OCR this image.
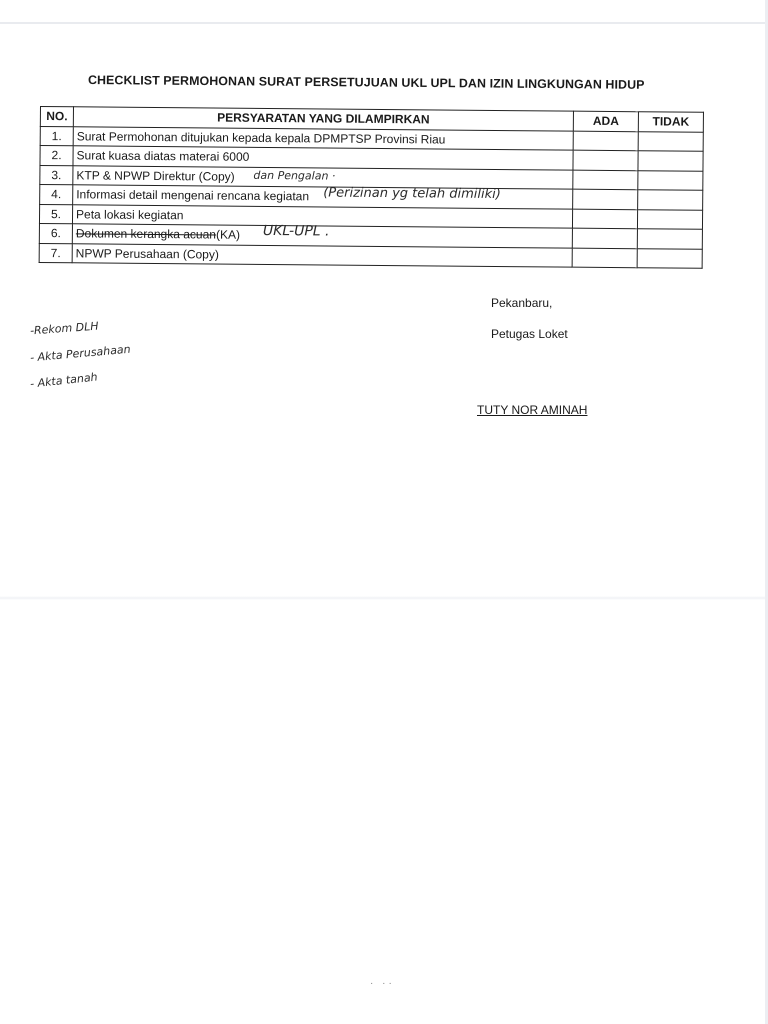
CHECKLIST PERMOHONAN SURAT PERSETUJUAN UKL UPL DAN IZIN LINGKUNGAN HIDUP
NO.	PERSYARATAN YANG DILAMPIRKAN	ADA	TIDAK
1.	Surat Permohonan ditujukan kepada kepala DPMPTSP Provinsi Riau		
2.	Surat kuasa diatas materai 6000		
3.	KTP & NPWP Direktur (Copy) dan Pengalan ·		

4.	Informasi detail mengenai rencana kegiatan (Perizinan yg telah dimiliki)		

5.	Peta lokasi kegiatan		
6.	Dokumen kerangka acuan(KA) UKL-UPL .		

7.	NPWP Perusahaan (Copy)		
Pekanbaru,
Petugas Loket
TUTY NOR AMINAH
-Rekom DLH
- Akta Perusahaan
- Akta tanah
· ··
